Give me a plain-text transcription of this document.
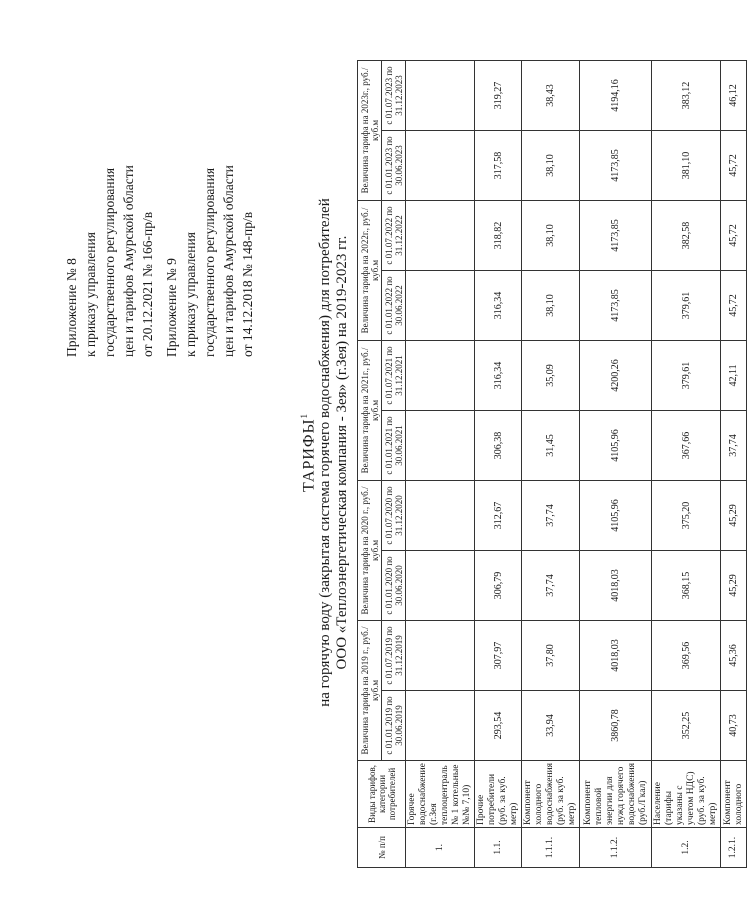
Приложение № 8 к приказу управления государственного регулирования цен и тарифов Амурской области от 20.12.2021 № 166-пр/в Приложение № 9 к приказу управления государственного регулирования цен и тарифов Амурской области от 14.12.2018 № 148-пр/в
ТАРИФЫ$^1$ на горячую воду (закрытая система горячего водоснабжения) для потребителей ООО «Теплоэнергетическая компания - Зея» (г.Зея) на 2019-2023 гг.
№ п/п	Виды тарифов, категории потребителей	Величина тарифа на 2019 г., руб./куб.м		Величина тарифа на 2020 г., руб./куб.м		Величина тарифа на 2021г., руб./куб.м		Величина тарифа на 2022г., руб./куб.м		Величина тарифа на 2023г., руб./куб.м	
		с 01.01.2019 по 30.06.2019	с 01.07.2019 по 31.12.2019	с 01.01.2020 по 30.06.2020	с 01.07.2020 по 31.12.2020	с 01.01.2021 по 30.06.2021	с 01.07.2021 по 31.12.2021	с 01.01.2022 по 30.06.2022	с 01.07.2022 по 31.12.2022	с 01.01.2023 по 30.06.2023	с 01.07.2023 по 31.12.2023
1.	Горячее водоснабжение (г.Зея теплоцентраль № 1 котельные №№ 7,10)										
1.1.	Прочие потребители (руб. за куб. метр)	293,54	307,97	306,79	312,67	306,38	316,34	316,34	318,82	317,58	319,27
1.1.1.	Компонент холодного водоснабжения (руб. за куб. метр)	33,94	37,80	37,74	37,74	31,45	35,09	38,10	38,10	38,10	38,43
1.1.2.	Компонент тепловой энергии для нужд горячего водоснабжения (руб./Гкал)	3860,78	4018,03	4018,03	4105,96	4105,96	4200,26	4173,85	4173,85	4173,85	4194,16
1.2.	Население (тарифы указаны с учетом НДС) (руб. за куб. метр)	352,25	369,56	368,15	375,20	367,66	379,61	379,61	382,58	381,10	383,12
1.2.1.	Компонент холодного	40,73	45,36	45,29	45,29	37,74	42,11	45,72	45,72	45,72	46,12
